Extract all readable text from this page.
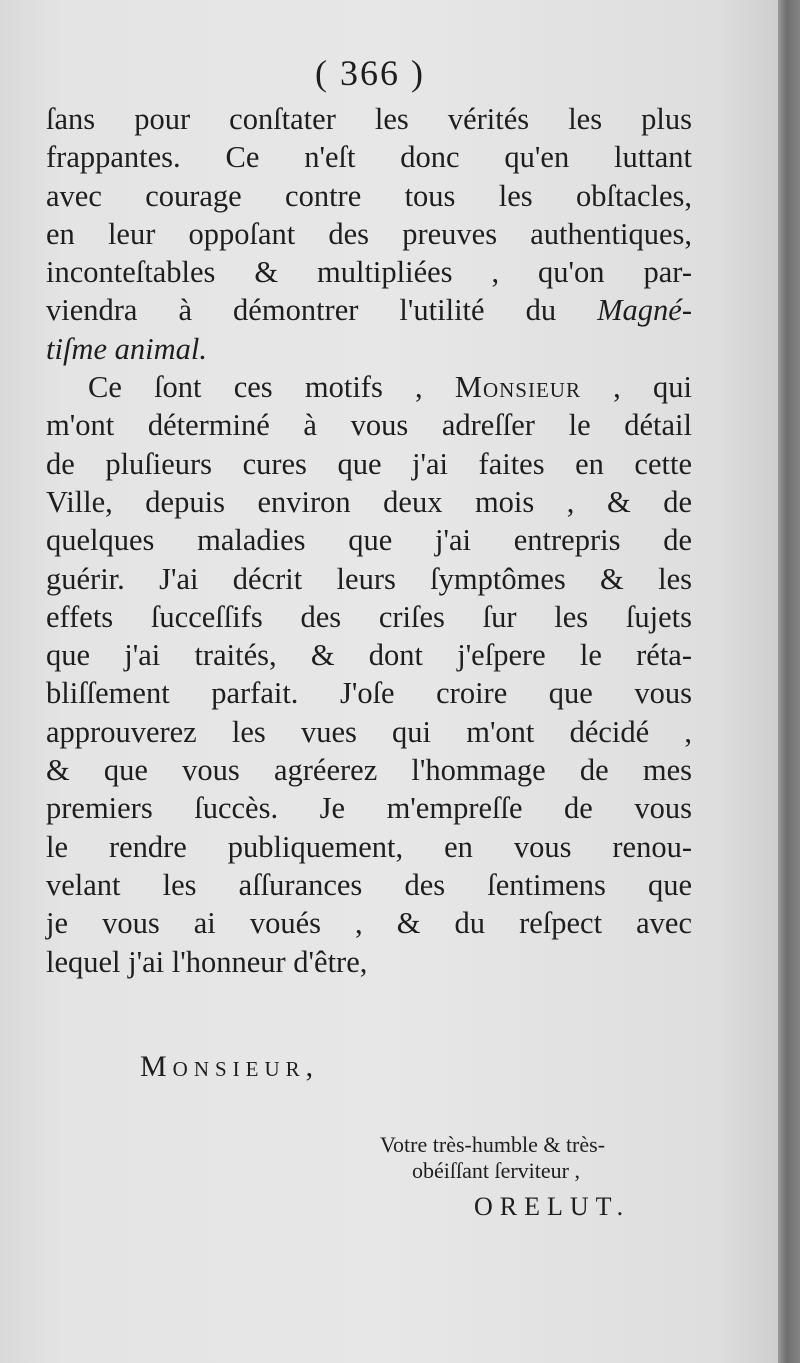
( 366 )
ſans pour conſtater les vérités les plus
frappantes. Ce n'eſt donc qu'en luttant
avec courage contre tous les obſtacles,
en leur oppoſant des preuves authentiques,
inconteſtables & multipliées , qu'on par-
viendra à démontrer l'utilité du Magné-
tiſme animal.
Ce ſont ces motifs , Monsieur , qui
m'ont déterminé à vous adreſſer le détail
de pluſieurs cures que j'ai faites en cette
Ville, depuis environ deux mois , & de
quelques maladies que j'ai entrepris de
guérir. J'ai décrit leurs ſymptômes & les
effets ſucceſſifs des criſes ſur les ſujets
que j'ai traités, & dont j'eſpere le réta-
bliſſement parfait. J'oſe croire que vous
approuverez les vues qui m'ont décidé ,
& que vous agréerez l'hommage de mes
premiers ſuccès. Je m'empreſſe de vous
le rendre publiquement, en vous renou-
velant les aſſurances des ſentimens que
je vous ai voués , & du reſpect avec
lequel j'ai l'honneur d'être,
Monsieur,
Votre très-humble & très-
obéiſſant ſerviteur ,
ORELUT.
